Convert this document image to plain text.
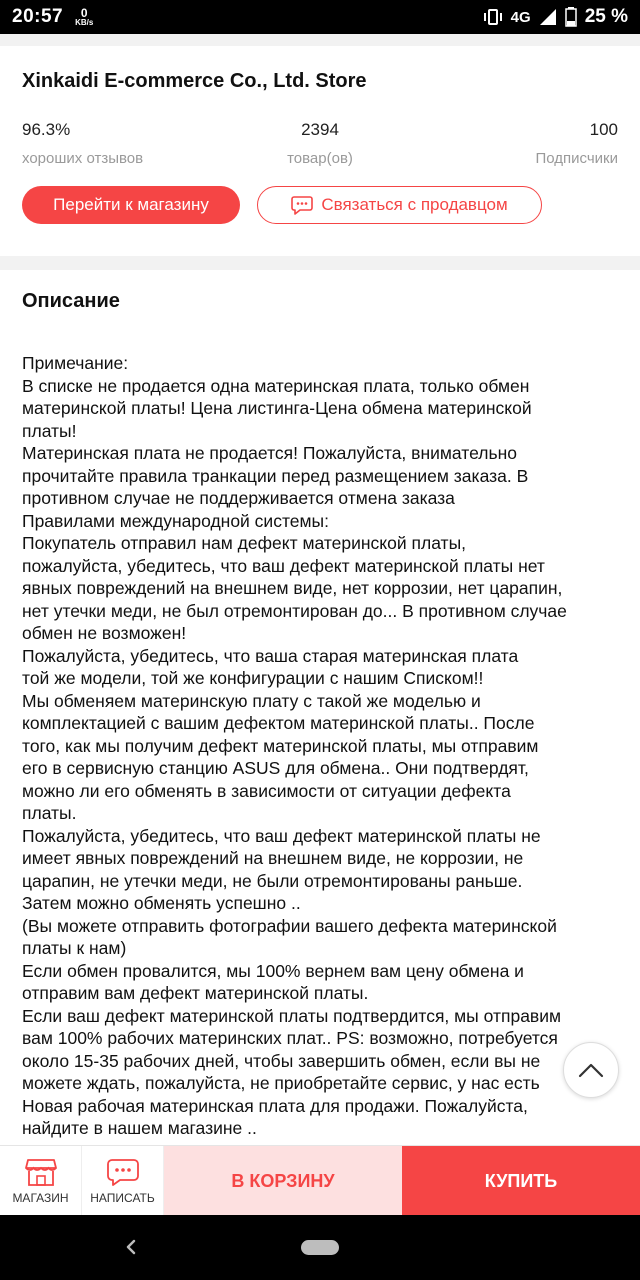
20:57 0
KB/s	4G	25 %
Xinkaidi E-commerce Co., Ltd. Store
96.3%
хороших отзывов
2394
товар(ов)
100
Подписчики
Перейти к магазину	Связаться с продавцом
Описание
Примечание:
В списке не продается одна материнская плата, только обмен
материнской платы! Цена листинга-Цена обмена материнской
платы!
Материнская плата не продается! Пожалуйста, внимательно
прочитайте правила транкации перед размещением заказа. В
противном случае не поддерживается отмена заказа
Правилами международной системы:
Покупатель отправил нам дефект материнской платы,
пожалуйста, убедитесь, что ваш дефект материнской платы нет
явных повреждений на внешнем виде, нет коррозии, нет царапин,
нет утечки меди, не был отремонтирован до... В противном случае
обмен не возможен!
Пожалуйста, убедитесь, что ваша старая материнская плата
той же модели, той же конфигурации с нашим Списком!!
Мы обменяем материнскую плату с такой же моделью и
комплектацией с вашим дефектом материнской платы.. После
того, как мы получим дефект материнской платы, мы отправим
его в сервисную станцию ASUS для обмена.. Они подтвердят,
можно ли его обменять в зависимости от ситуации дефекта
платы.
Пожалуйста, убедитесь, что ваш дефект материнской платы не
имеет явных повреждений на внешнем виде, не коррозии, не
царапин, не утечки меди, не были отремонтированы раньше.
Затем можно обменять успешно ..
(Вы можете отправить фотографии вашего дефекта материнской
платы к нам)
Если обмен провалится, мы 100% вернем вам цену обмена и
отправим вам дефект материнской платы.
Если ваш дефект материнской платы подтвердится, мы отправим
вам 100% рабочих материнских плат.. PS: возможно, потребуется
около 15-35 рабочих дней, чтобы завершить обмен, если вы не
можете ждать, пожалуйста, не приобретайте сервис, у нас есть
Новая рабочая материнская плата для продажи. Пожалуйста,
найдите в нашем магазине ..
МАГАЗИН НАПИСАТЬ
В КОРЗИНУ	КУПИТЬ
